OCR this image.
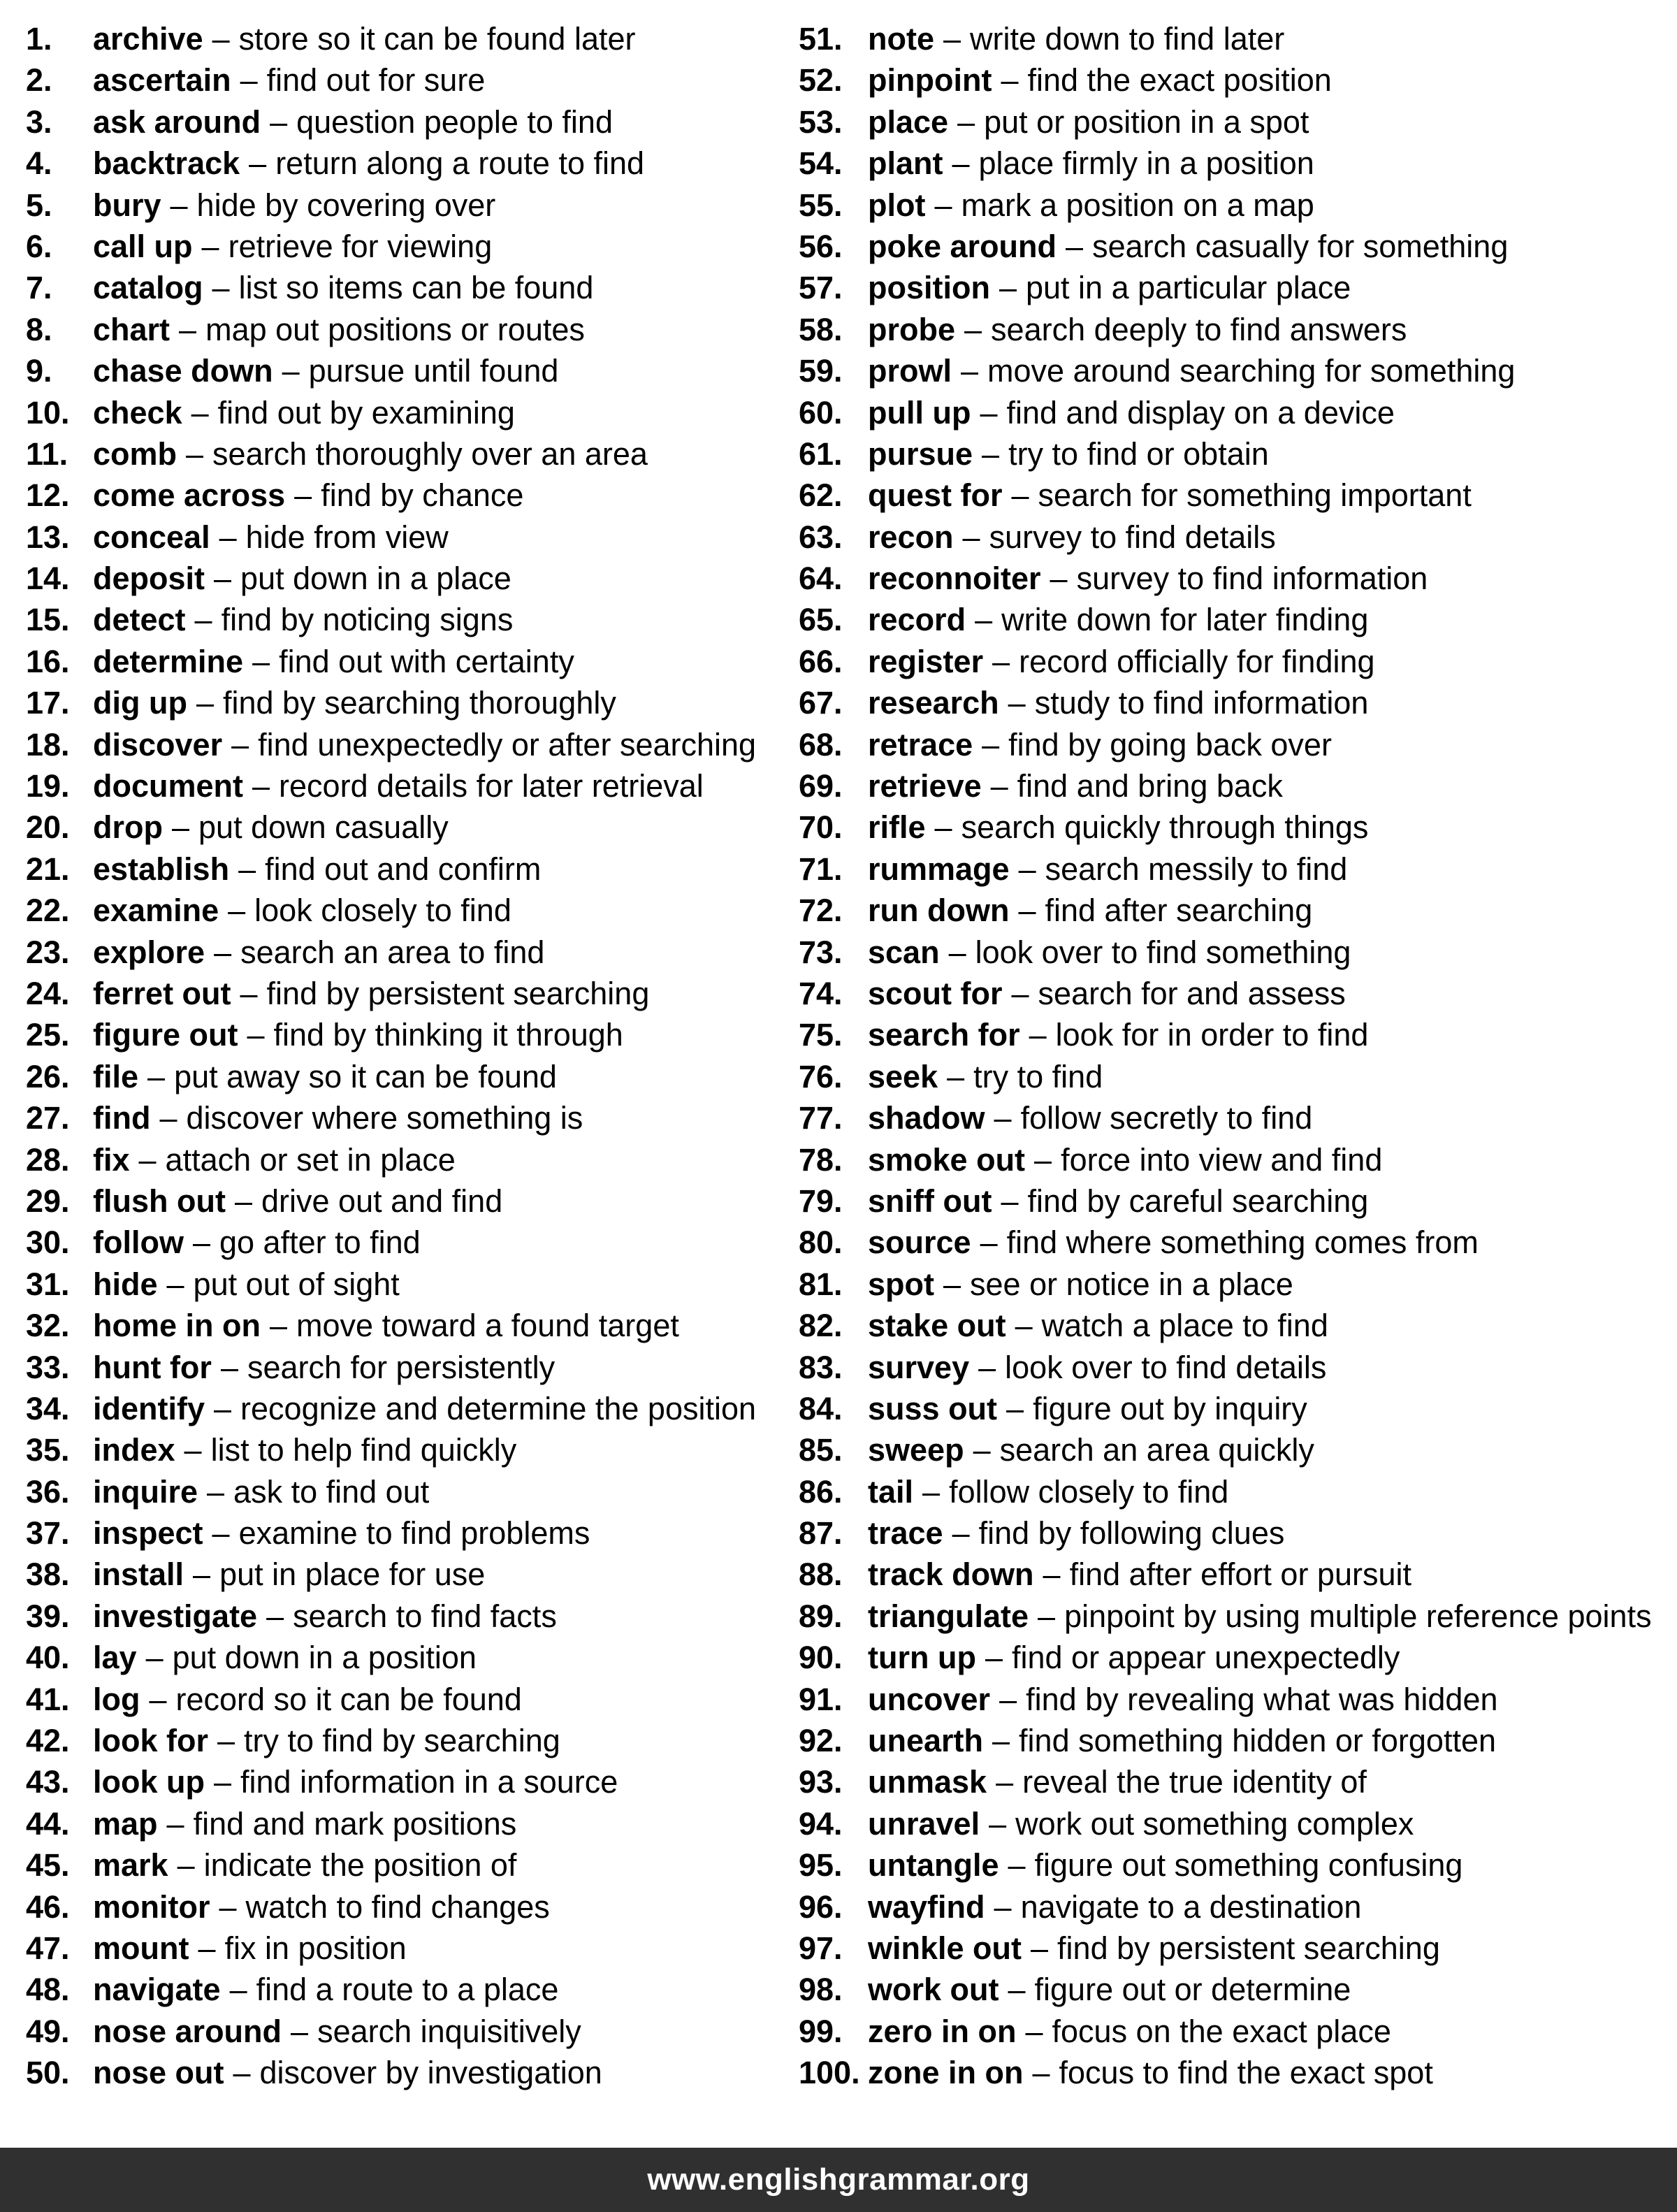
1. archive – store so it can be found later
2. ascertain – find out for sure
3. ask around – question people to find
4. backtrack – return along a route to find
5. bury – hide by covering over
6. call up – retrieve for viewing
7. catalog – list so items can be found
8. chart – map out positions or routes
9. chase down – pursue until found
10. check – find out by examining
11. comb – search thoroughly over an area
12. come across – find by chance
13. conceal – hide from view
14. deposit – put down in a place
15. detect – find by noticing signs
16. determine – find out with certainty
17. dig up – find by searching thoroughly
18. discover – find unexpectedly or after searching
19. document – record details for later retrieval
20. drop – put down casually
21. establish – find out and confirm
22. examine – look closely to find
23. explore – search an area to find
24. ferret out – find by persistent searching
25. figure out – find by thinking it through
26. file – put away so it can be found
27. find – discover where something is
28. fix – attach or set in place
29. flush out – drive out and find
30. follow – go after to find
31. hide – put out of sight
32. home in on – move toward a found target
33. hunt for – search for persistently
34. identify – recognize and determine the position
35. index – list to help find quickly
36. inquire – ask to find out
37. inspect – examine to find problems
38. install – put in place for use
39. investigate – search to find facts
40. lay – put down in a position
41. log – record so it can be found
42. look for – try to find by searching
43. look up – find information in a source
44. map – find and mark positions
45. mark – indicate the position of
46. monitor – watch to find changes
47. mount – fix in position
48. navigate – find a route to a place
49. nose around – search inquisitively
50. nose out – discover by investigation
51. note – write down to find later
52. pinpoint – find the exact position
53. place – put or position in a spot
54. plant – place firmly in a position
55. plot – mark a position on a map
56. poke around – search casually for something
57. position – put in a particular place
58. probe – search deeply to find answers
59. prowl – move around searching for something
60. pull up – find and display on a device
61. pursue – try to find or obtain
62. quest for – search for something important
63. recon – survey to find details
64. reconnoiter – survey to find information
65. record – write down for later finding
66. register – record officially for finding
67. research – study to find information
68. retrace – find by going back over
69. retrieve – find and bring back
70. rifle – search quickly through things
71. rummage – search messily to find
72. run down – find after searching
73. scan – look over to find something
74. scout for – search for and assess
75. search for – look for in order to find
76. seek – try to find
77. shadow – follow secretly to find
78. smoke out – force into view and find
79. sniff out – find by careful searching
80. source – find where something comes from
81. spot – see or notice in a place
82. stake out – watch a place to find
83. survey – look over to find details
84. suss out – figure out by inquiry
85. sweep – search an area quickly
86. tail – follow closely to find
87. trace – find by following clues
88. track down – find after effort or pursuit
89. triangulate – pinpoint by using multiple reference points
90. turn up – find or appear unexpectedly
91. uncover – find by revealing what was hidden
92. unearth – find something hidden or forgotten
93. unmask – reveal the true identity of
94. unravel – work out something complex
95. untangle – figure out something confusing
96. wayfind – navigate to a destination
97. winkle out – find by persistent searching
98. work out – figure out or determine
99. zero in on – focus on the exact place
100. zone in on – focus to find the exact spot
www.englishgrammar.org
